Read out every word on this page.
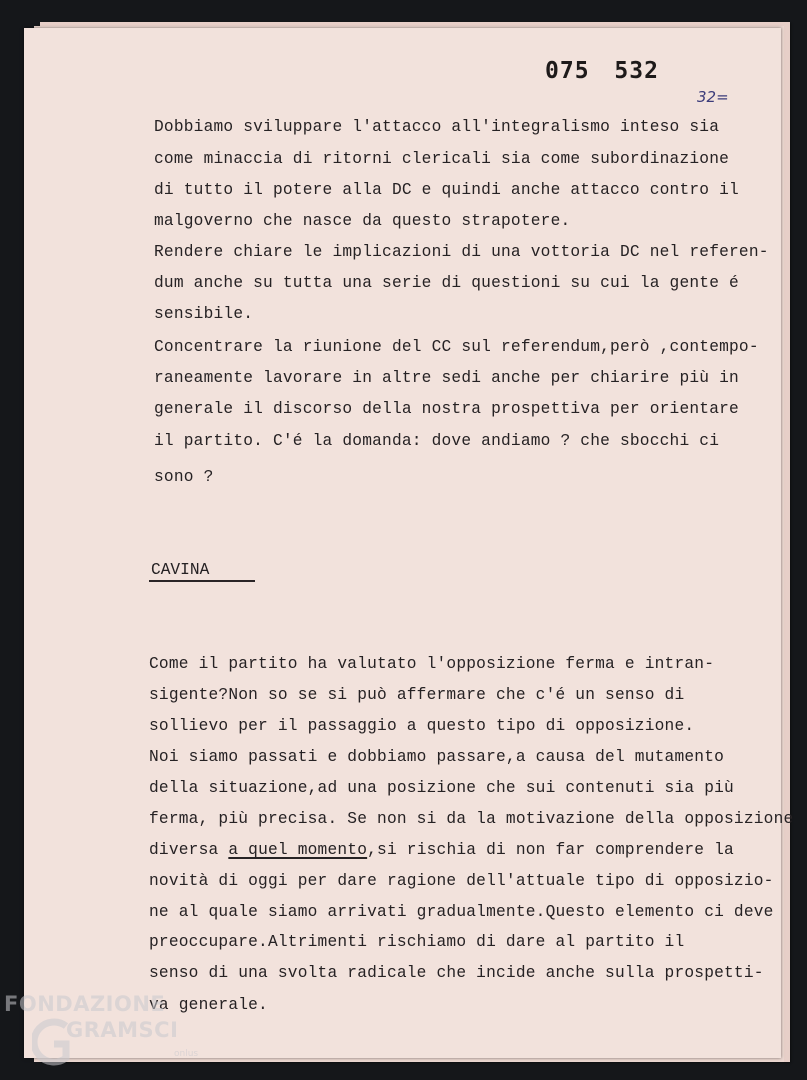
075 532
32=
Dobbiamo sviluppare l'attacco all'integralismo inteso sia
come minaccia di ritorni clericali sia come subordinazione
di tutto il potere alla DC e quindi anche attacco contro il
malgoverno che nasce da questo strapotere.
Rendere chiare le implicazioni di una vottoria DC nel referen-
dum anche su tutta una serie di questioni su cui la gente é
sensibile.
Concentrare la riunione del CC sul referendum,però ,contempo-
raneamente lavorare in altre sedi anche per chiarire più in
generale il discorso della nostra prospettiva per orientare
il partito. C'é la domanda: dove andiamo ? che sbocchi ci
sono ?
CAVINA
Come il partito ha valutato l'opposizione ferma e intran-
sigente?Non so se si può affermare che c'é un senso di
sollievo per il passaggio a questo tipo di opposizione.
Noi siamo passati e dobbiamo passare,a causa del mutamento
della situazione,ad una posizione che sui contenuti sia più
ferma, più precisa. Se non si da la motivazione della opposizione
diversa a quel momento,si rischia di non far comprendere la
novità di oggi per dare ragione dell'attuale tipo di opposizio-
ne al quale siamo arrivati gradualmente.Questo elemento ci deve
preoccupare.Altrimenti rischiamo di dare al partito il
senso di una svolta radicale che incide anche sulla prospetti-
va generale.
FONDAZIONE
GRAMSCI
onlus
